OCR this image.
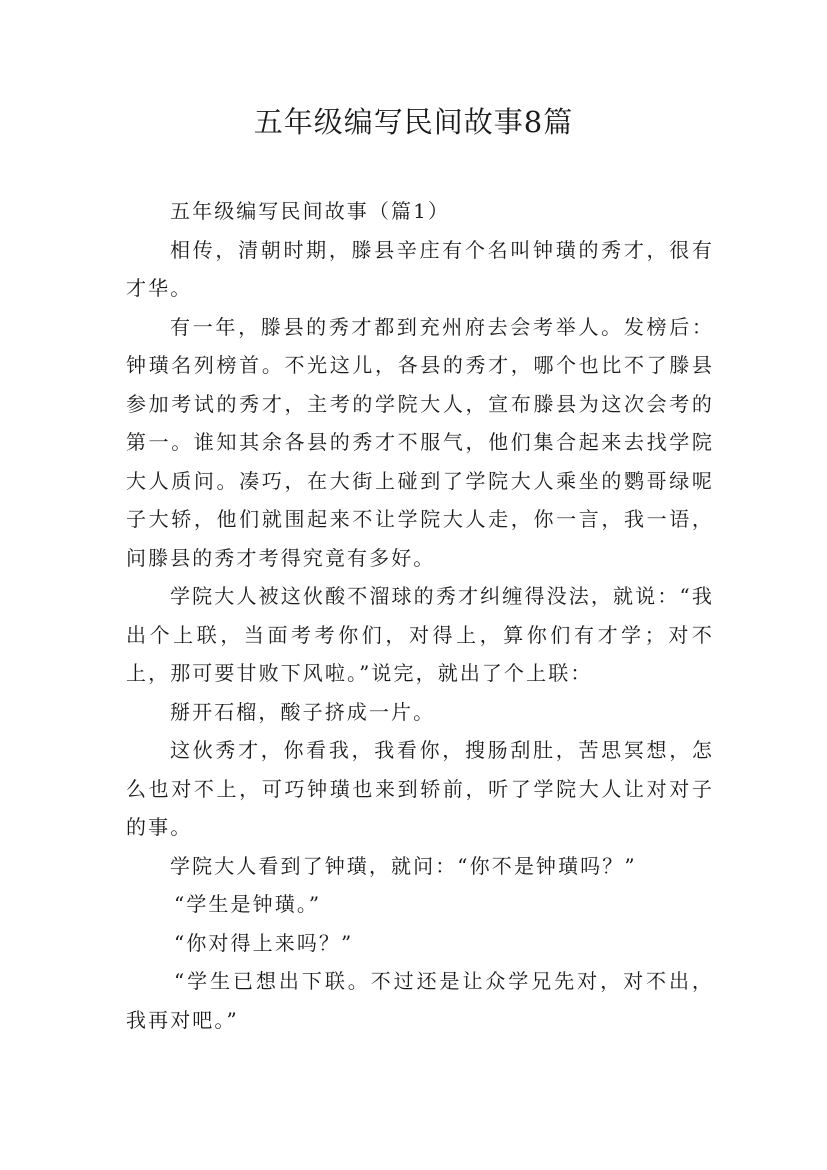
五年级编写民间故事8篇

五年级编写民间故事（篇1）

相传，清朝时期，滕县辛庄有个名叫钟璜的秀才，很有才华。

有一年，滕县的秀才都到充州府去会考举人。发榜后：钟璜名列榜首。不光这儿，各县的秀才，哪个也比不了滕县参加考试的秀才，主考的学院大人，宣布滕县为这次会考的第一。谁知其余各县的秀才不服气，他们集合起来去找学院大人质问。凑巧，在大街上碰到了学院大人乘坐的鹦哥绿呢子大轿，他们就围起来不让学院大人走，你一言，我一语，问滕县的秀才考得究竟有多好。

学院大人被这伙酸不溜球的秀才纠缠得没法，就说：“我出个上联，当面考考你们，对得上，算你们有才学；对不上，那可要甘败下风啦。”说完，就出了个上联：

掰开石榴，酸子挤成一片。

这伙秀才，你看我，我看你，搜肠刮肚，苦思冥想，怎么也对不上，可巧钟璜也来到轿前，听了学院大人让对对子的事。

学院大人看到了钟璜，就问：“你不是钟璜吗？”

“学生是钟璜。”

“你对得上来吗？”

“学生已想出下联。不过还是让众学兄先对，对不出，我再对吧。”
